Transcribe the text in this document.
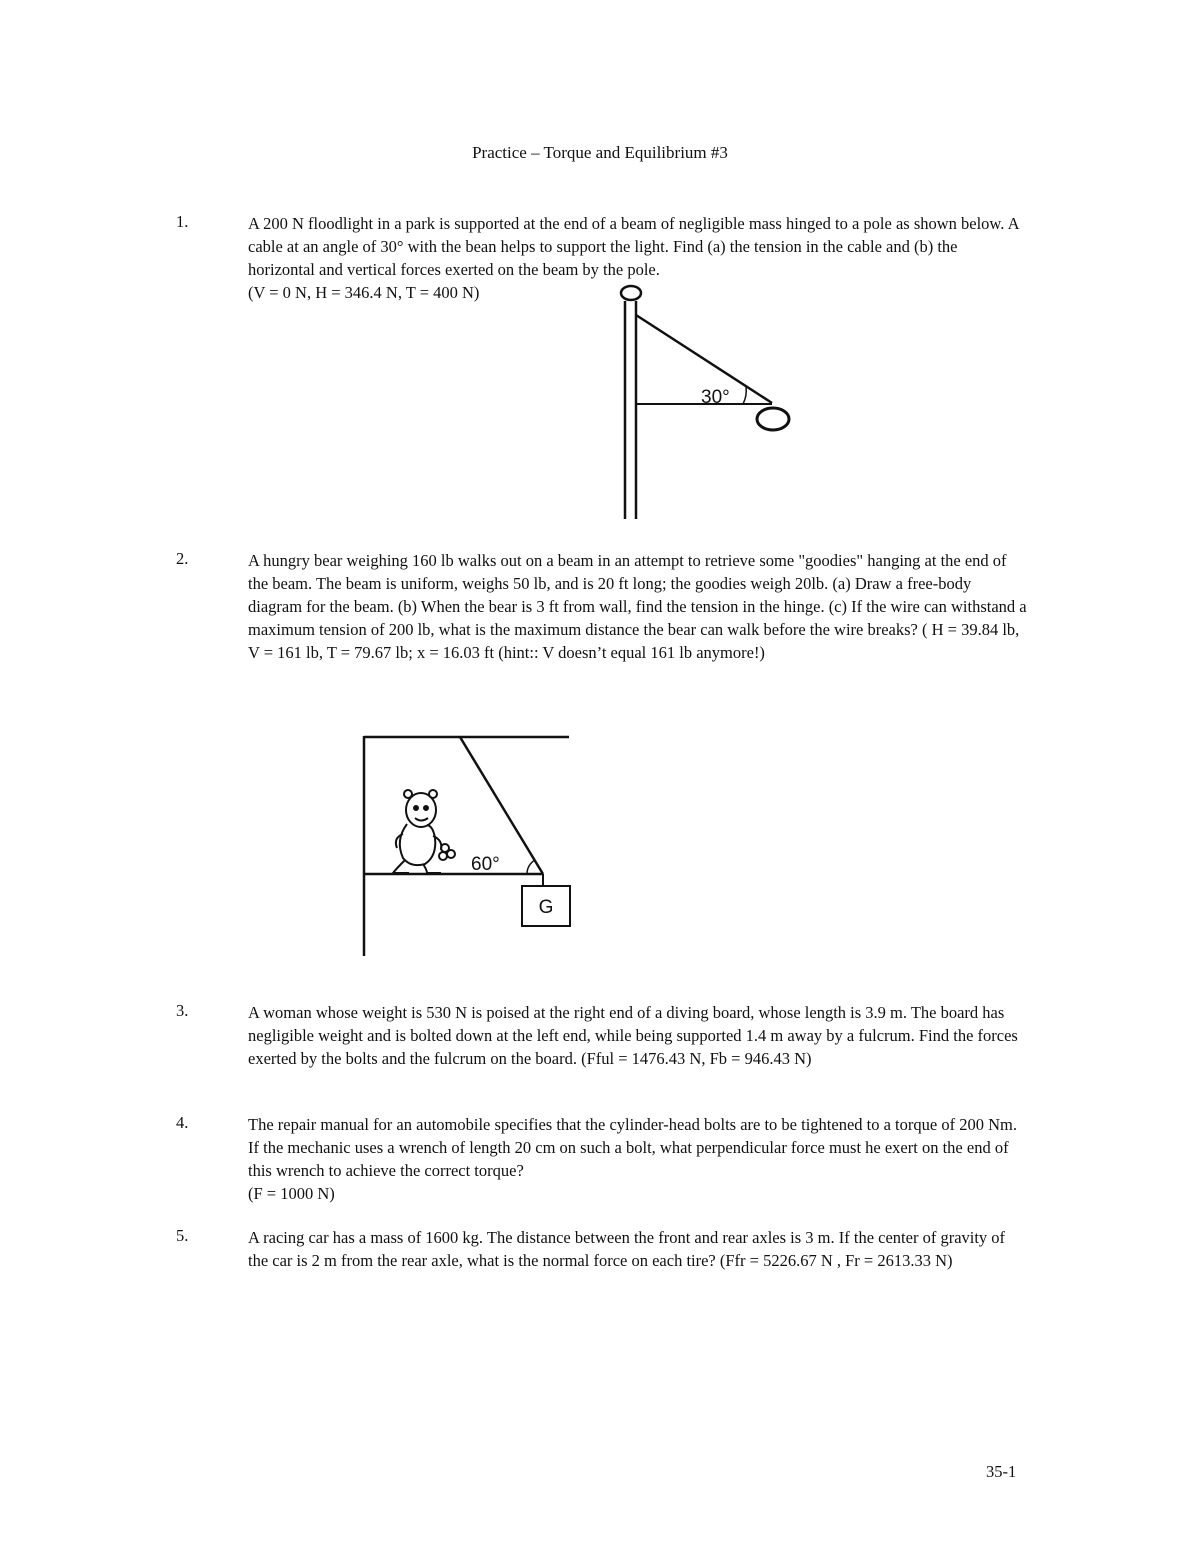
Practice – Torque and Equilibrium #3
1.	A 200 N floodlight in a park is supported at the end of a beam of negligible mass hinged to a pole as shown below. A cable at an angle of 30° with the bean helps to support the light. Find (a) the tension in the cable and (b) the horizontal and vertical forces exerted on the beam by the pole.

(V = 0 N, H = 346.4 N, T = 400 N)

30°
2.	A hungry bear weighing 160 lb walks out on a beam in an attempt to retrieve some "goodies" hanging at the end of the beam. The beam is uniform, weighs 50 lb, and is 20 ft long; the goodies weigh 20lb. (a) Draw a free-body diagram for the beam. (b) When the bear is 3 ft from wall, find the tension in the hinge. (c) If the wire can withstand a maximum tension of 200 lb, what is the maximum distance the bear can walk before the wire breaks? ( H = 39.84 lb, V = 161 lb, T = 79.67 lb; x = 16.03 ft (hint:: V doesn’t equal 161 lb anymore!)

60°
G
3.	A woman whose weight is 530 N is poised at the right end of a diving board, whose length is 3.9 m. The board has negligible weight and is bolted down at the left end, while being supported 1.4 m away by a fulcrum. Find the forces exerted by the bolts and the fulcrum on the board. (Fful = 1476.43 N, Fb = 946.43 N)

4.	The repair manual for an automobile specifies that the cylinder-head bolts are to be tightened to a torque of 200 Nm. If the mechanic uses a wrench of length 20 cm on such a bolt, what perpendicular force must he exert on the end of this wrench to achieve the correct torque?

(F = 1000 N)

5.	A racing car has a mass of 1600 kg. The distance between the front and rear axles is 3 m. If the center of gravity of the car is 2 m from the rear axle, what is the normal force on each tire? (Ffr = 5226.67 N , Fr = 2613.33 N)

35-1
